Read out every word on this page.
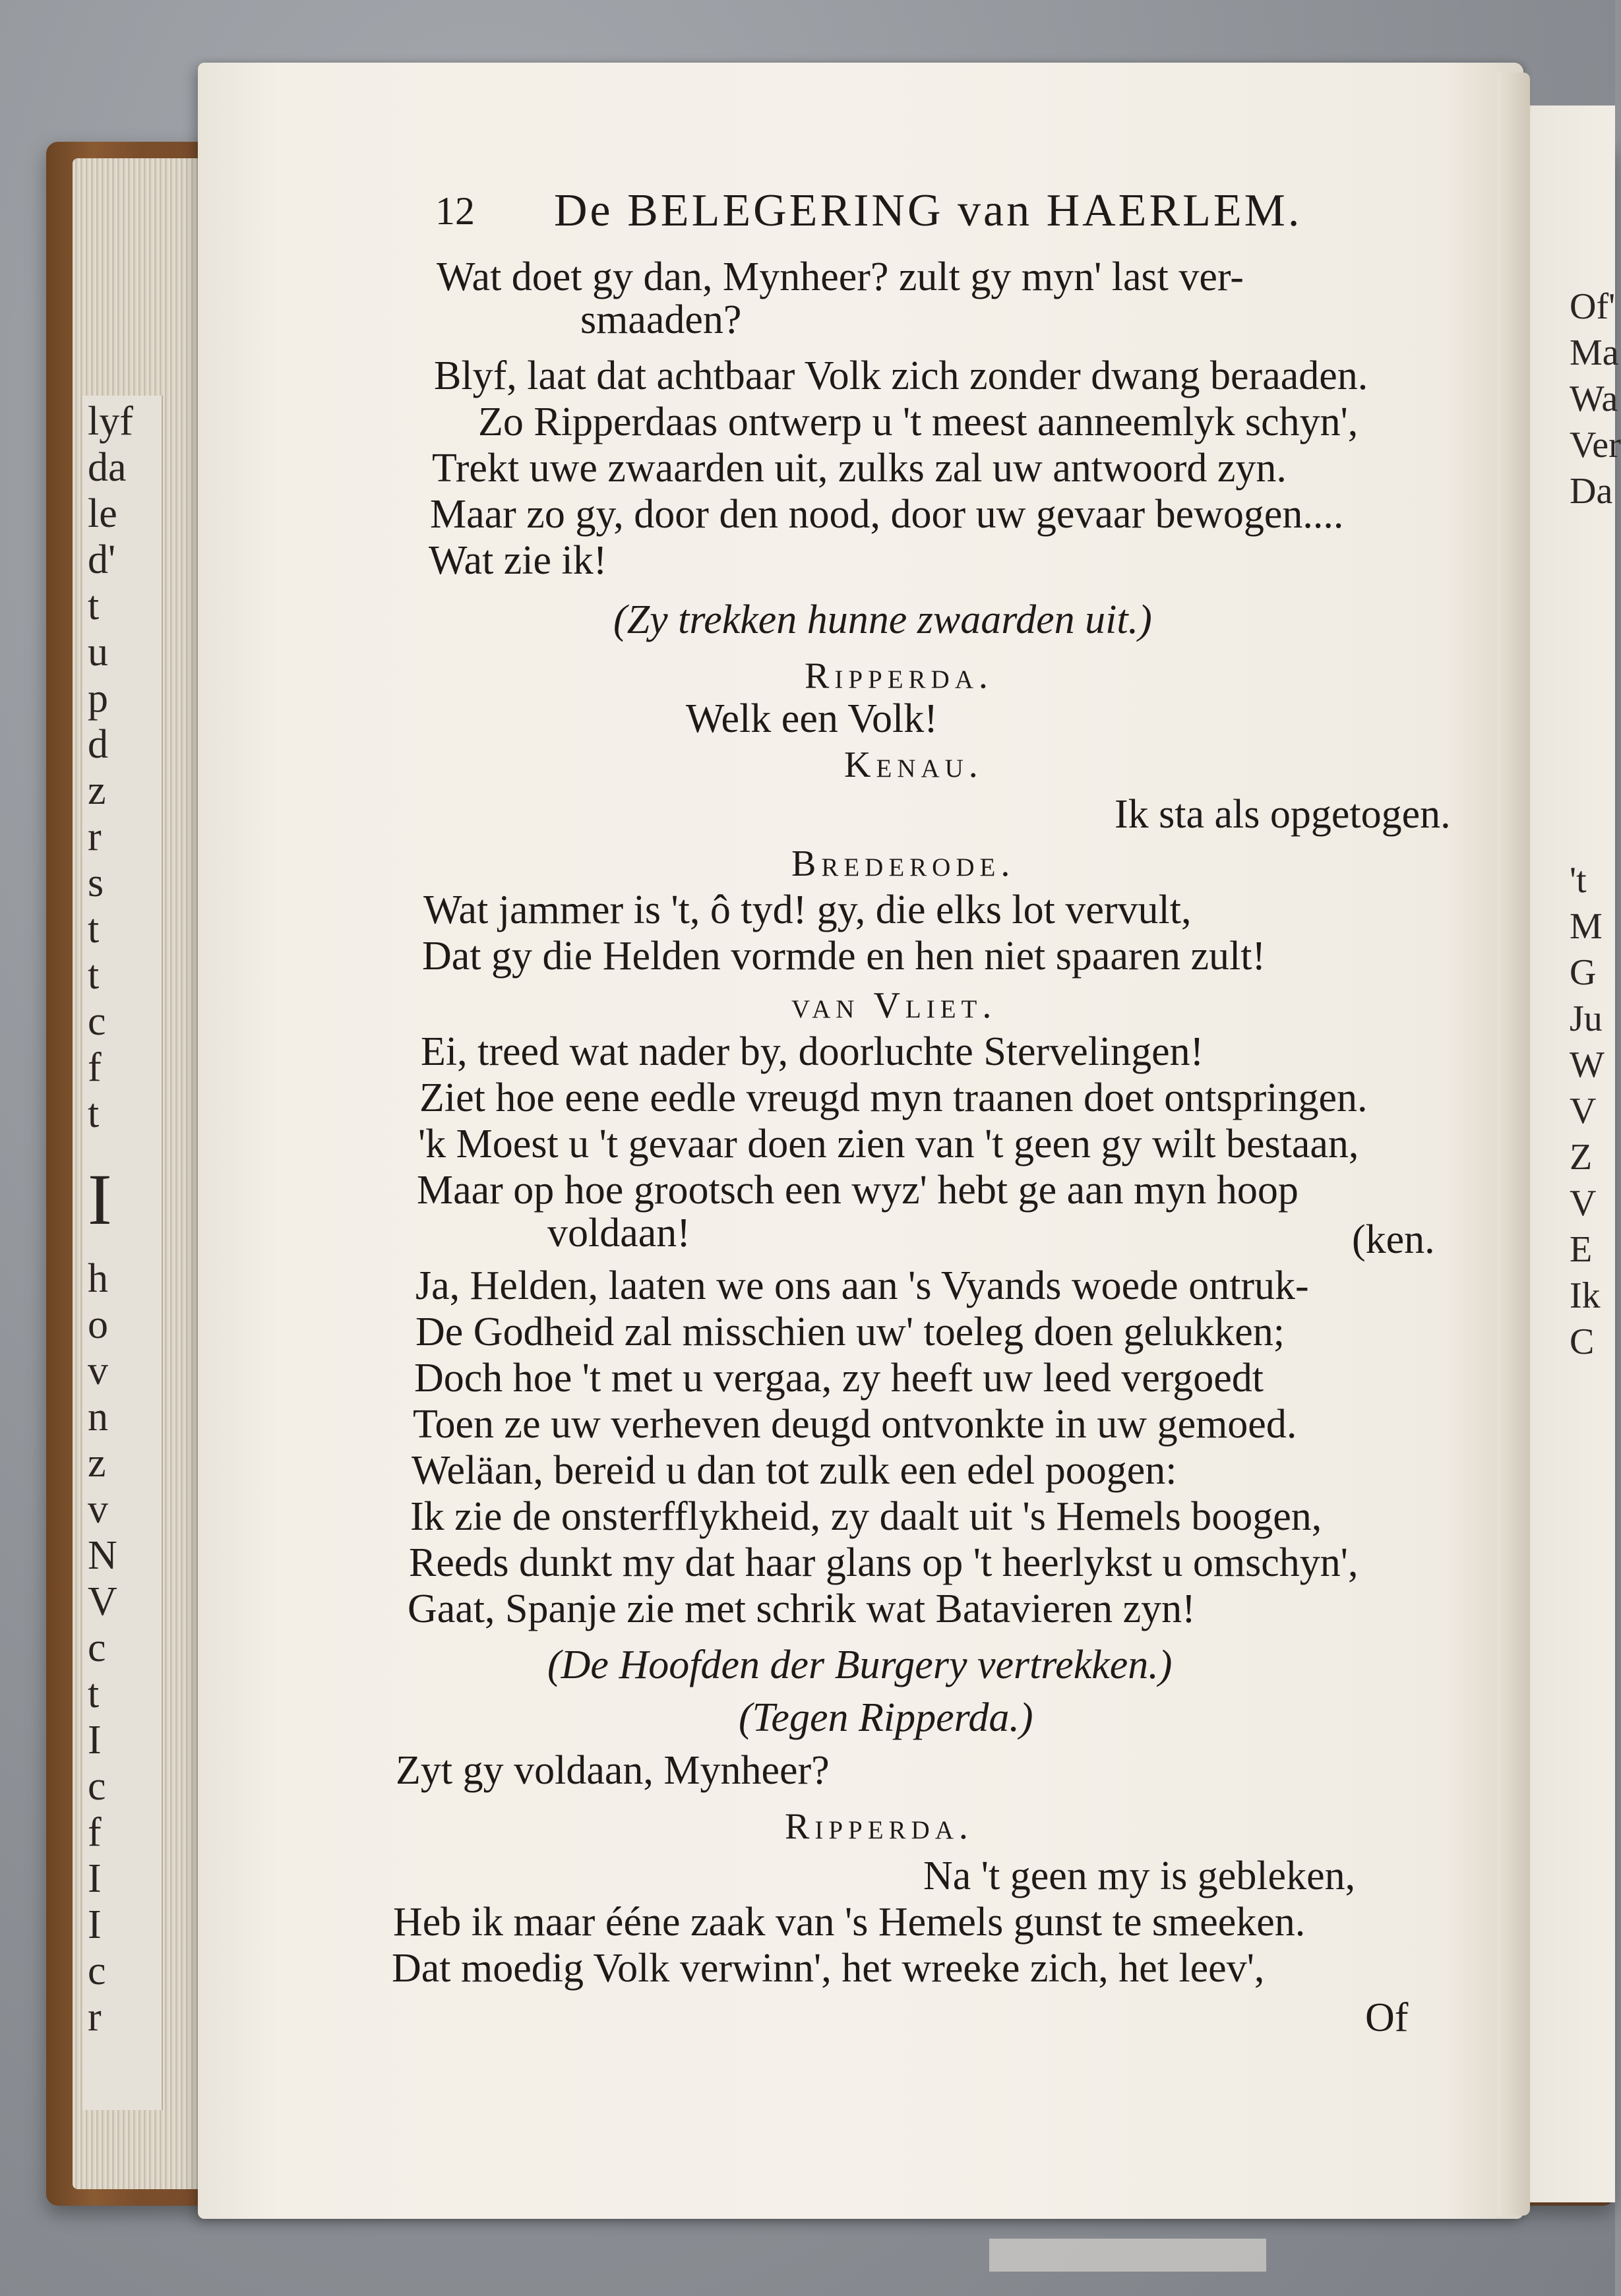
lyf
da
le
d'
t
u
p
d
z
r
s
t
t
c
f
t
I
h
o
v
n
z
v
N
V
c
t
I
c
f
I
I
c
r
Of'
Ma
Wa
Ver
Da
't
M
G
Ju
W
V
Z
V
E
Ik
C
12 De BELEGERING van HAERLEM.
Wat doet gy dan, Mynheer? zult gy myn' last ver-
smaaden?
Blyf, laat dat achtbaar Volk zich zonder dwang beraaden.
Zo Ripperdaas ontwerp u 't meest aanneemlyk schyn',
Trekt uwe zwaarden uit, zulks zal uw antwoord zyn.
Maar zo gy, door den nood, door uw gevaar bewogen....
Wat zie ik!
(Zy trekken hunne zwaarden uit.)
Ripperda.
Welk een Volk!
Kenau.
Ik sta als opgetogen.
Brederode.
Wat jammer is 't, ô tyd! gy, die elks lot vervult,
Dat gy die Helden vormde en hen niet spaaren zult!
van Vliet.
Ei, treed wat nader by, doorluchte Stervelingen!
Ziet hoe eene eedle vreugd myn traanen doet ontspringen.
'k Moest u 't gevaar doen zien van 't geen gy wilt bestaan,
Maar op hoe grootsch een wyz' hebt ge aan myn hoop
voldaan!	(ken.
Ja, Helden, laaten we ons aan 's Vyands woede ontruk-
De Godheid zal misschien uw' toeleg doen gelukken;
Doch hoe 't met u vergaa, zy heeft uw leed vergoedt
Toen ze uw verheven deugd ontvonkte in uw gemoed.
Weläan, bereid u dan tot zulk een edel poogen:
Ik zie de onsterfflykheid, zy daalt uit 's Hemels boogen,
Reeds dunkt my dat haar glans op 't heerlykst u omschyn',
Gaat, Spanje zie met schrik wat Batavieren zyn!
(De Hoofden der Burgery vertrekken.)
(Tegen Ripperda.)
Zyt gy voldaan, Mynheer?
Ripperda.
Na 't geen my is gebleken,
Heb ik maar ééne zaak van 's Hemels gunst te smeeken.
Dat moedig Volk verwinn', het wreeke zich, het leev',
Of
